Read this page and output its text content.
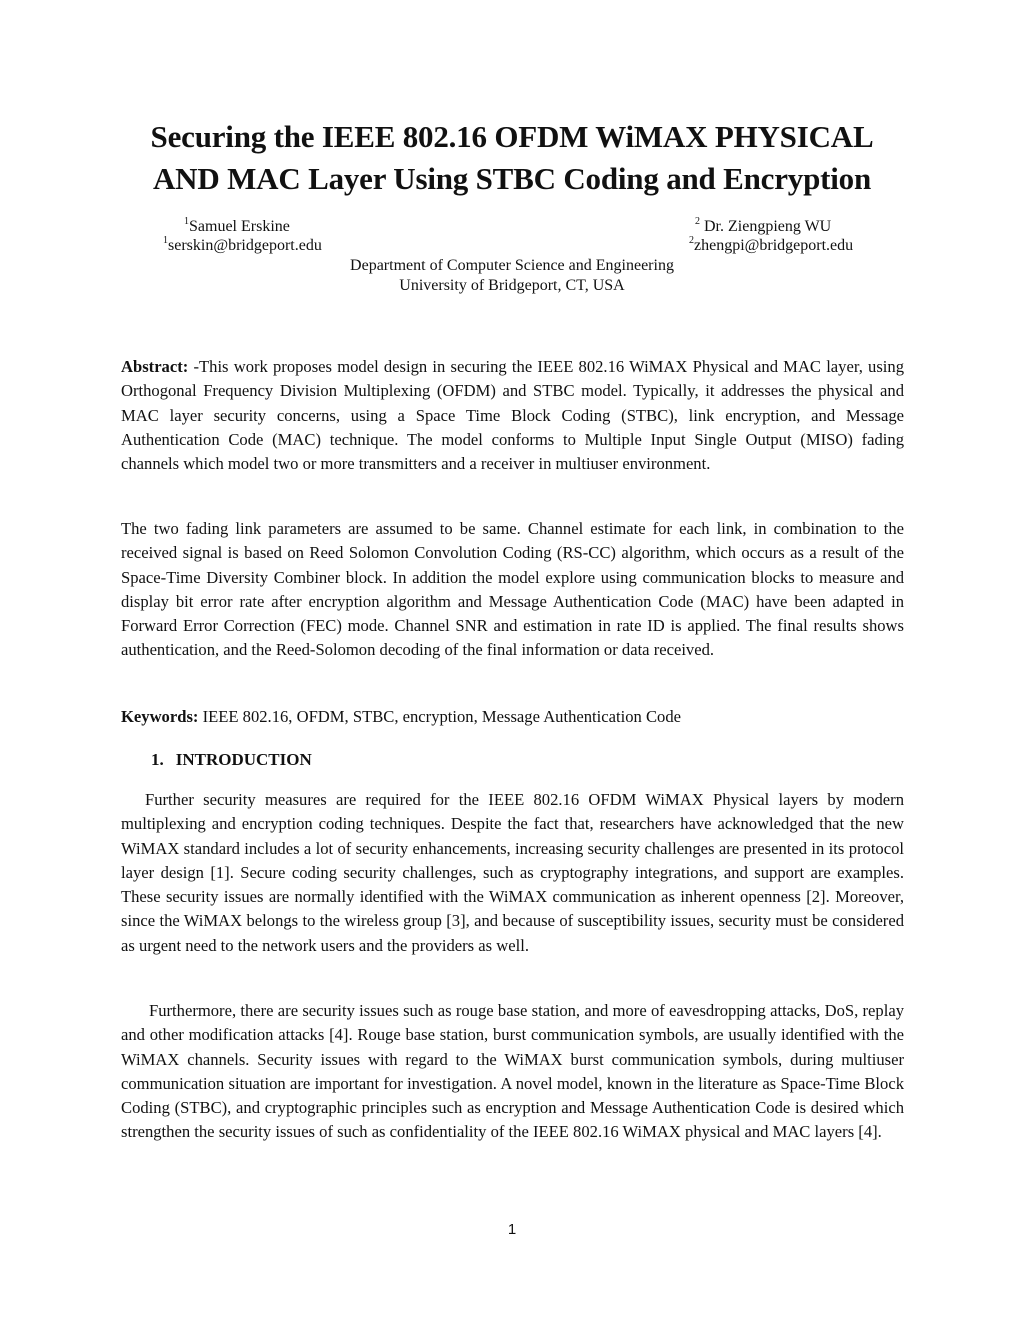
Securing the IEEE 802.16 OFDM WiMAX PHYSICAL
AND MAC Layer Using STBC Coding and Encryption
$^1$Samuel Erskine
$^1$serskin@bridgeport.edu
$^2$ Dr. Ziengpieng WU
$^2$zhengpi@bridgeport.edu
Department of Computer Science and Engineering
University of Bridgeport, CT, USA
Abstract: -This work proposes model design in securing the IEEE 802.16 WiMAX Physical and MAC layer, using Orthogonal Frequency Division Multiplexing (OFDM) and STBC model. Typically, it addresses the physical and MAC layer security concerns, using a Space Time Block Coding (STBC), link encryption, and Message Authentication Code (MAC) technique. The model conforms to Multiple Input Single Output (MISO) fading channels which model two or more transmitters and a receiver in multiuser environment.
The two fading link parameters are assumed to be same. Channel estimate for each link, in combination to the received signal is based on Reed Solomon Convolution Coding (RS-CC) algorithm, which occurs as a result of the Space-Time Diversity Combiner block. In addition the model explore using communication blocks to measure and display bit error rate after encryption algorithm and Message Authentication Code (MAC) have been adapted in Forward Error Correction (FEC) mode. Channel SNR and estimation in rate ID is applied. The final results shows authentication, and the Reed-Solomon decoding of the final information or data received.
Keywords: IEEE 802.16, OFDM, STBC, encryption, Message Authentication Code
1. INTRODUCTION
Further security measures are required for the IEEE 802.16 OFDM WiMAX Physical layers by modern multiplexing and encryption coding techniques. Despite the fact that, researchers have acknowledged that the new WiMAX standard includes a lot of security enhancements, increasing security challenges are presented in its protocol layer design [1]. Secure coding security challenges, such as cryptography integrations, and support are examples. These security issues are normally identified with the WiMAX communication as inherent openness [2]. Moreover, since the WiMAX belongs to the wireless group [3], and because of susceptibility issues, security must be considered as urgent need to the network users and the providers as well.
Furthermore, there are security issues such as rouge base station, and more of eavesdropping attacks, DoS, replay and other modification attacks [4]. Rouge base station, burst communication symbols, are usually identified with the WiMAX channels. Security issues with regard to the WiMAX burst communication symbols, during multiuser communication situation are important for investigation. A novel model, known in the literature as Space-Time Block Coding (STBC), and cryptographic principles such as encryption and Message Authentication Code is desired which strengthen the security issues of such as confidentiality of the IEEE 802.16 WiMAX physical and MAC layers [4].
1
